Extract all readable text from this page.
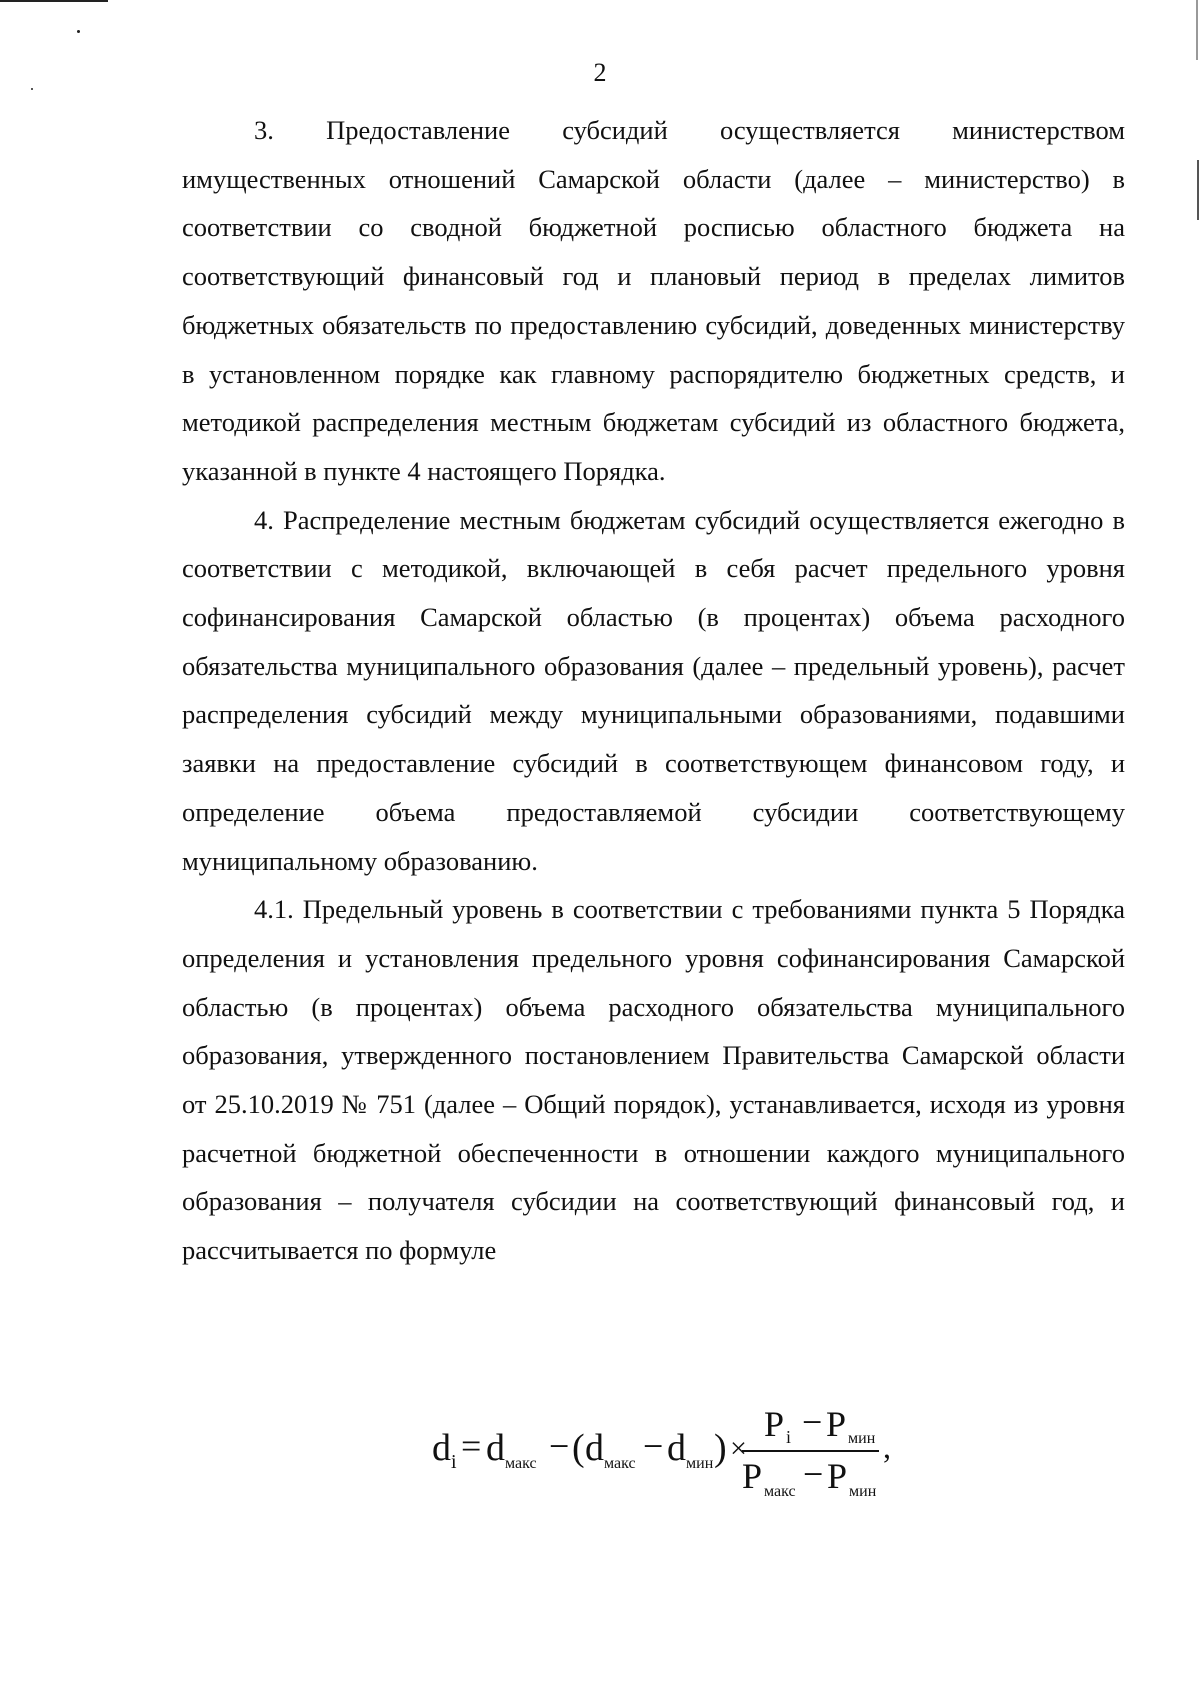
2

3. Предоставление субсидий осуществляется министерством имущественных отношений Самарской области (далее – министерство) в соответствии со сводной бюджетной росписью областного бюджета на соответствующий финансовый год и плановый период в пределах лимитов бюджетных обязательств по предоставлению субсидий, доведенных министерству в установленном порядке как главному распорядителю бюджетных средств, и методикой распределения местным бюджетам субсидий из областного бюджета, указанной в пункте 4 настоящего Порядка.

4. Распределение местным бюджетам субсидий осуществляется ежегодно в соответствии с методикой, включающей в себя расчет предельного уровня софинансирования Самарской областью (в процентах) объема расходного обязательства муниципального образования (далее – предельный уровень), расчет распределения субсидий между муниципальными образованиями, подавшими заявки на предоставление субсидий в соответствующем финансовом году, и определение объема предоставляемой субсидии соответствующему муниципальному образованию.

4.1. Предельный уровень в соответствии с требованиями пункта 5 Порядка определения и установления предельного уровня софинансирования Самарской областью (в процентах) объема расходного обязательства муниципального образования, утвержденного постановлением Правительства Самарской области от 25.10.2019 № 751 (далее – Общий порядок), устанавливается, исходя из уровня расчетной бюджетной обеспеченности в отношении каждого муниципального образования – получателя субсидии на соответствующий финансовый год, и рассчитывается по формуле

d i = d макс − ( d макс − d мин ) ×
P i − P мин
P макс − P мин
,
